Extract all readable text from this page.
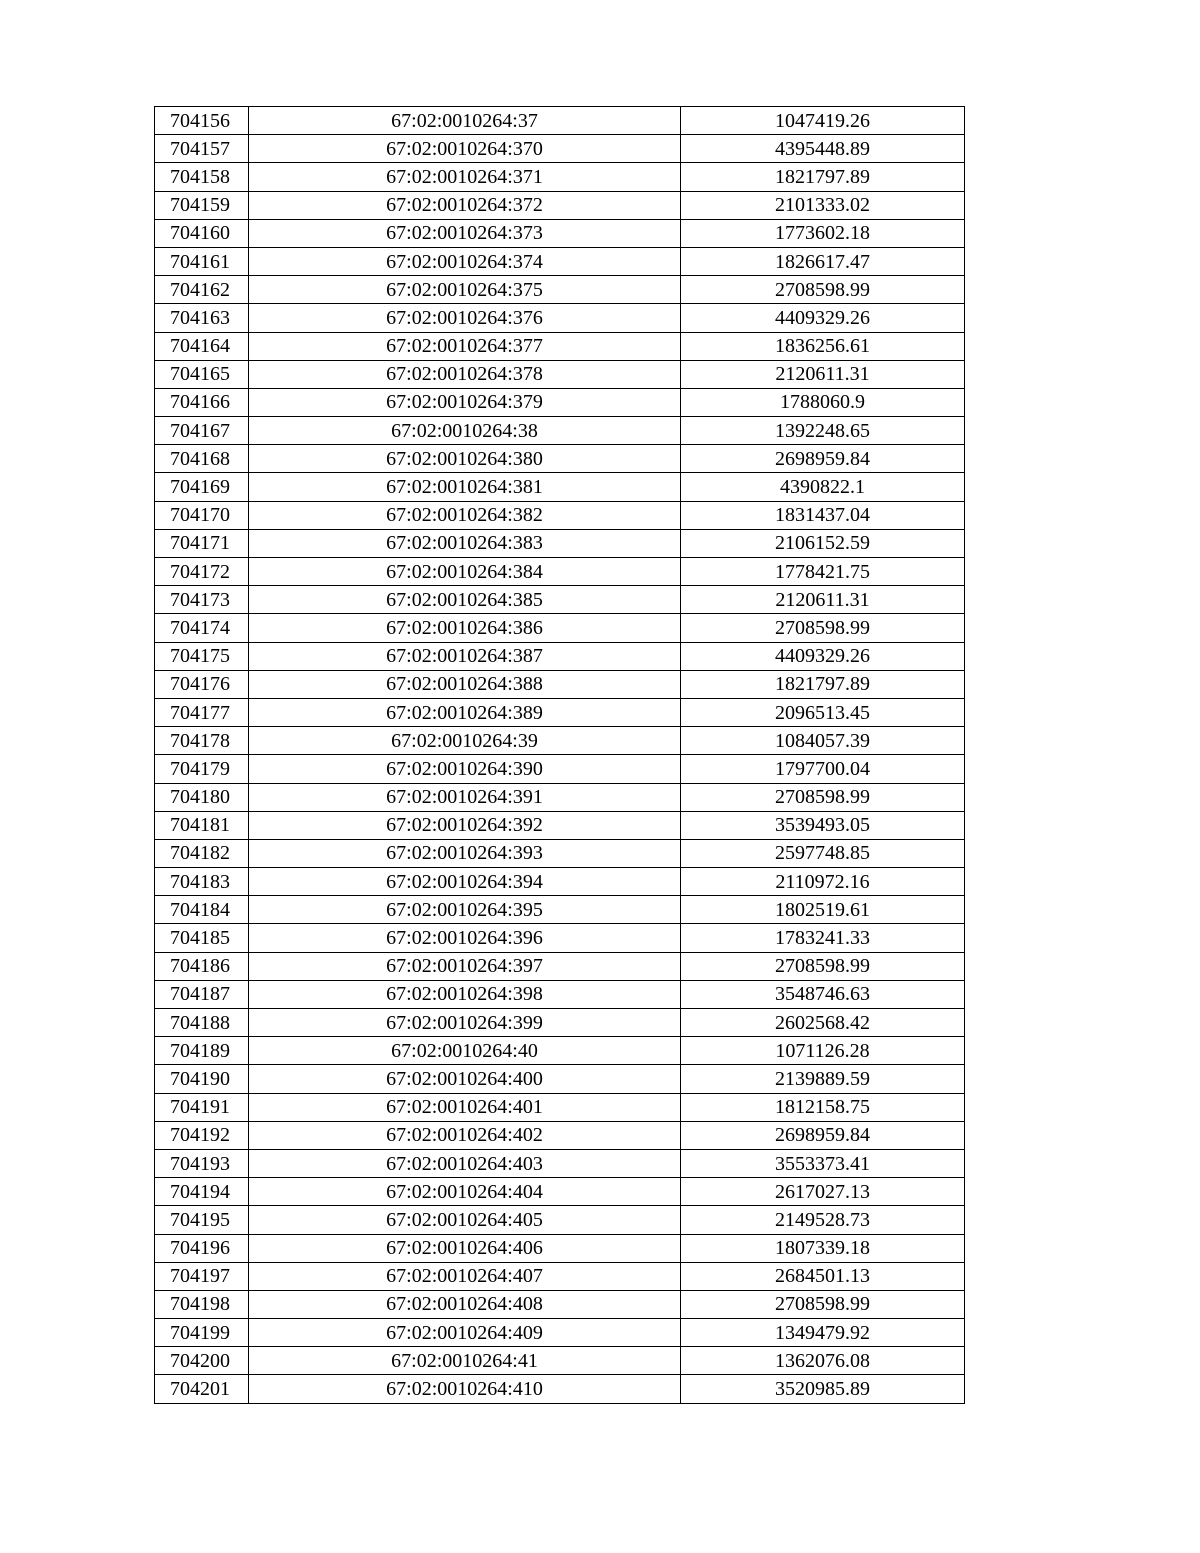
704156	67:02:0010264:37	1047419.26
704157	67:02:0010264:370	4395448.89
704158	67:02:0010264:371	1821797.89
704159	67:02:0010264:372	2101333.02
704160	67:02:0010264:373	1773602.18
704161	67:02:0010264:374	1826617.47
704162	67:02:0010264:375	2708598.99
704163	67:02:0010264:376	4409329.26
704164	67:02:0010264:377	1836256.61
704165	67:02:0010264:378	2120611.31
704166	67:02:0010264:379	1788060.9
704167	67:02:0010264:38	1392248.65
704168	67:02:0010264:380	2698959.84
704169	67:02:0010264:381	4390822.1
704170	67:02:0010264:382	1831437.04
704171	67:02:0010264:383	2106152.59
704172	67:02:0010264:384	1778421.75
704173	67:02:0010264:385	2120611.31
704174	67:02:0010264:386	2708598.99
704175	67:02:0010264:387	4409329.26
704176	67:02:0010264:388	1821797.89
704177	67:02:0010264:389	2096513.45
704178	67:02:0010264:39	1084057.39
704179	67:02:0010264:390	1797700.04
704180	67:02:0010264:391	2708598.99
704181	67:02:0010264:392	3539493.05
704182	67:02:0010264:393	2597748.85
704183	67:02:0010264:394	2110972.16
704184	67:02:0010264:395	1802519.61
704185	67:02:0010264:396	1783241.33
704186	67:02:0010264:397	2708598.99
704187	67:02:0010264:398	3548746.63
704188	67:02:0010264:399	2602568.42
704189	67:02:0010264:40	1071126.28
704190	67:02:0010264:400	2139889.59
704191	67:02:0010264:401	1812158.75
704192	67:02:0010264:402	2698959.84
704193	67:02:0010264:403	3553373.41
704194	67:02:0010264:404	2617027.13
704195	67:02:0010264:405	2149528.73
704196	67:02:0010264:406	1807339.18
704197	67:02:0010264:407	2684501.13
704198	67:02:0010264:408	2708598.99
704199	67:02:0010264:409	1349479.92
704200	67:02:0010264:41	1362076.08
704201	67:02:0010264:410	3520985.89
